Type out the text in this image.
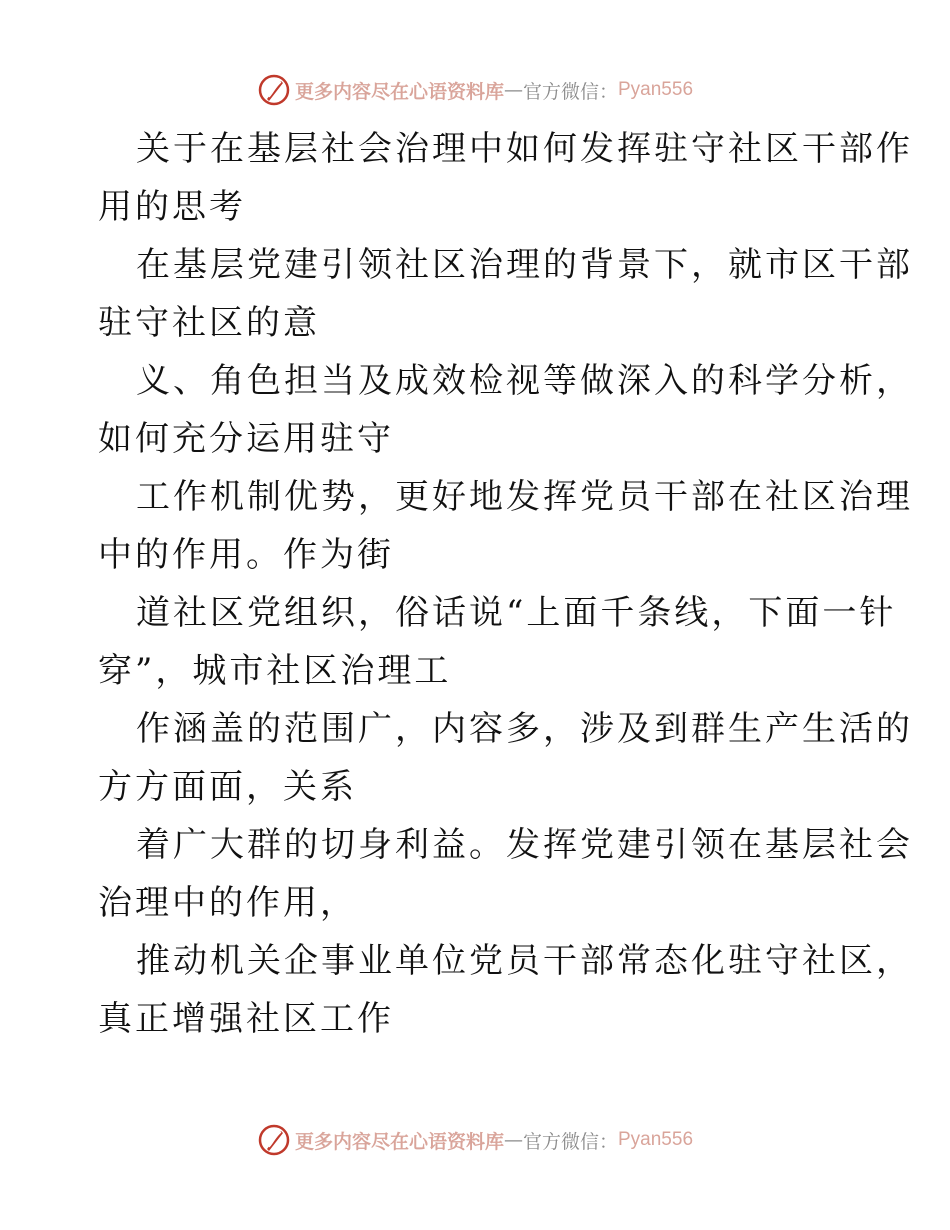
更多内容尽在心语资料库 — 官方微信： Pyan556

关于在基层社会治理中如何发挥驻守社区干部作
用的思考

在基层党建引领社区治理的背景下，就市区干部
驻守社区的意

义、角色担当及成效检视等做深入的科学分析，
如何充分运用驻守

工作机制优势，更好地发挥党员干部在社区治理
中的作用。作为街

道社区党组织，俗话说“上面千条线，下面一针
穿”，城市社区治理工

作涵盖的范围广，内容多，涉及到群生产生活的
方方面面，关系

着广大群的切身利益。发挥党建引领在基层社会
治理中的作用，

推动机关企事业单位党员干部常态化驻守社区，
真正增强社区工作

更多内容尽在心语资料库 — 官方微信： Pyan556
